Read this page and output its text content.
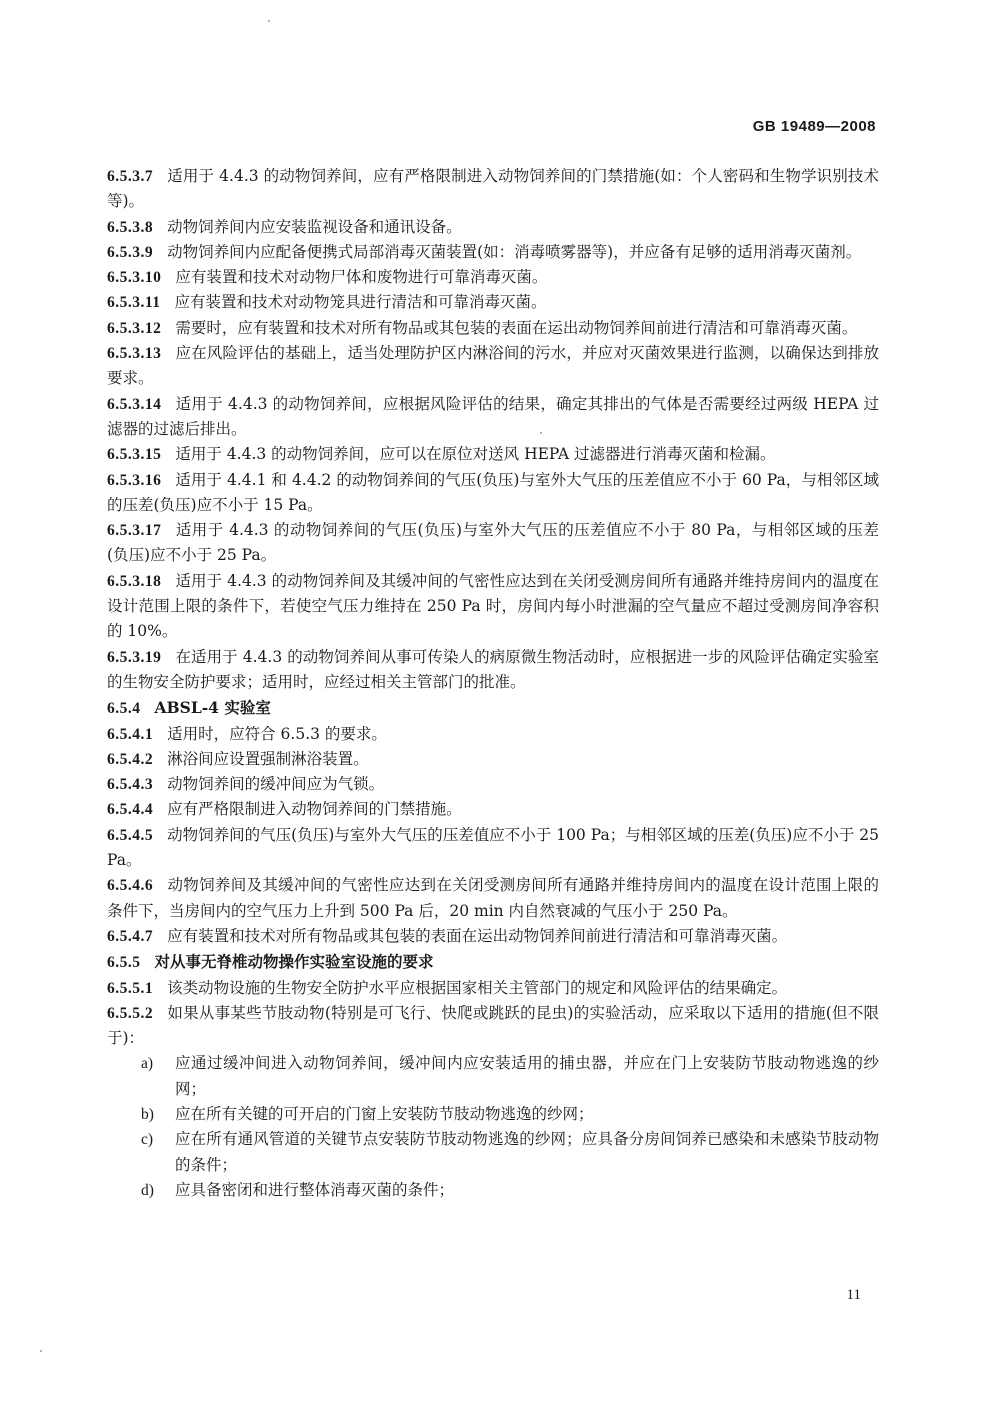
GB 19489—2008

6.5.3.7 适用于 4.4.3 的动物饲养间，应有严格限制进入动物饲养间的门禁措施(如：个人密码和生物学识别技术等)。

6.5.3.8 动物饲养间内应安装监视设备和通讯设备。

6.5.3.9 动物饲养间内应配备便携式局部消毒灭菌装置(如：消毒喷雾器等)，并应备有足够的适用消毒灭菌剂。

6.5.3.10 应有装置和技术对动物尸体和废物进行可靠消毒灭菌。

6.5.3.11 应有装置和技术对动物笼具进行清洁和可靠消毒灭菌。

6.5.3.12 需要时，应有装置和技术对所有物品或其包装的表面在运出动物饲养间前进行清洁和可靠消毒灭菌。

6.5.3.13 应在风险评估的基础上，适当处理防护区内淋浴间的污水，并应对灭菌效果进行监测，以确保达到排放要求。

6.5.3.14 适用于 4.4.3 的动物饲养间，应根据风险评估的结果，确定其排出的气体是否需要经过两级 HEPA 过滤器的过滤后排出。

6.5.3.15 适用于 4.4.3 的动物饲养间，应可以在原位对送风 HEPA 过滤器进行消毒灭菌和检漏。

6.5.3.16 适用于 4.4.1 和 4.4.2 的动物饲养间的气压(负压)与室外大气压的压差值应不小于 60 Pa，与相邻区域的压差(负压)应不小于 15 Pa。

6.5.3.17 适用于 4.4.3 的动物饲养间的气压(负压)与室外大气压的压差值应不小于 80 Pa，与相邻区域的压差(负压)应不小于 25 Pa。

6.5.3.18 适用于 4.4.3 的动物饲养间及其缓冲间的气密性应达到在关闭受测房间所有通路并维持房间内的温度在设计范围上限的条件下，若使空气压力维持在 250 Pa 时，房间内每小时泄漏的空气量应不超过受测房间净容积的 10%。

6.5.3.19 在适用于 4.4.3 的动物饲养间从事可传染人的病原微生物活动时，应根据进一步的风险评估确定实验室的生物安全防护要求；适用时，应经过相关主管部门的批准。

6.5.4 ABSL-4 实验室

6.5.4.1 适用时，应符合 6.5.3 的要求。

6.5.4.2 淋浴间应设置强制淋浴装置。

6.5.4.3 动物饲养间的缓冲间应为气锁。

6.5.4.4 应有严格限制进入动物饲养间的门禁措施。

6.5.4.5 动物饲养间的气压(负压)与室外大气压的压差值应不小于 100 Pa；与相邻区域的压差(负压)应不小于 25 Pa。

6.5.4.6 动物饲养间及其缓冲间的气密性应达到在关闭受测房间所有通路并维持房间内的温度在设计范围上限的条件下，当房间内的空气压力上升到 500 Pa 后，20 min 内自然衰减的气压小于 250 Pa。

6.5.4.7 应有装置和技术对所有物品或其包装的表面在运出动物饲养间前进行清洁和可靠消毒灭菌。

6.5.5 对从事无脊椎动物操作实验室设施的要求

6.5.5.1 该类动物设施的生物安全防护水平应根据国家相关主管部门的规定和风险评估的结果确定。

6.5.5.2 如果从事某些节肢动物(特别是可飞行、快爬或跳跃的昆虫)的实验活动，应采取以下适用的措施(但不限于)：

a) 应通过缓冲间进入动物饲养间，缓冲间内应安装适用的捕虫器，并应在门上安装防节肢动物逃逸的纱网；

b) 应在所有关键的可开启的门窗上安装防节肢动物逃逸的纱网；

c) 应在所有通风管道的关键节点安装防节肢动物逃逸的纱网；应具备分房间饲养已感染和未感染节肢动物的条件；

d) 应具备密闭和进行整体消毒灭菌的条件；

11
